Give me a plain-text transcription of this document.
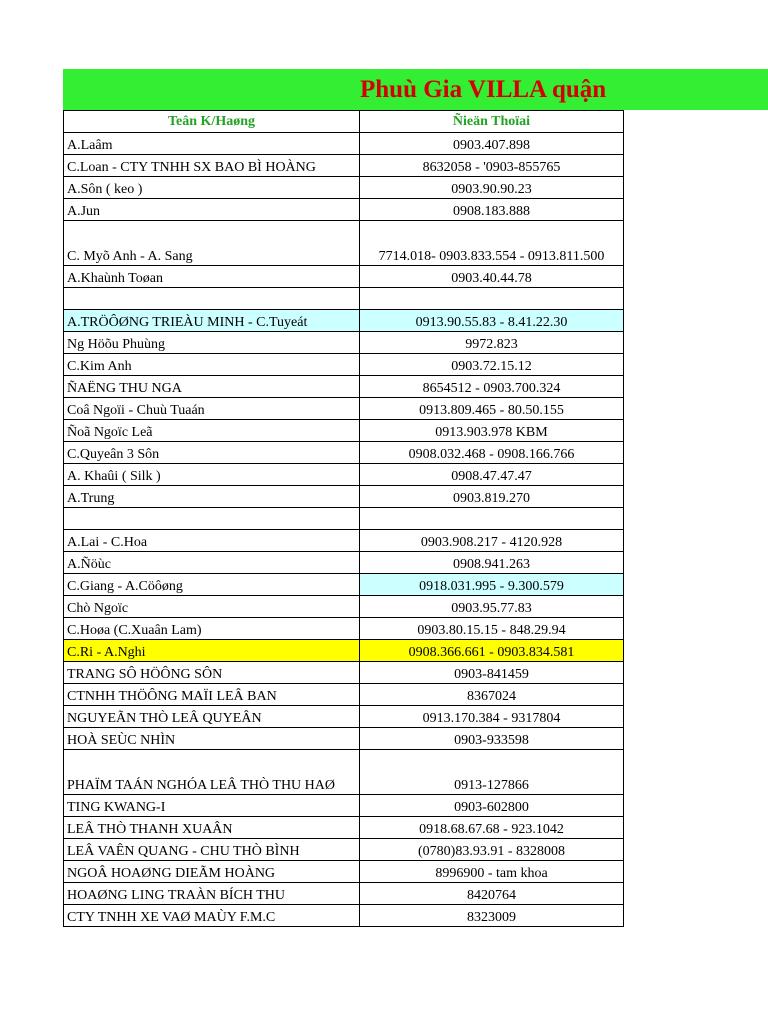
Phuù Gia VILLA quận
Teân K/Haøng	Ñieän Thoïai
A.Laâm	0903.407.898
C.Loan - CTY TNHH SX BAO BÌ HOÀNG	8632058 - '0903-855765
A.Sôn ( keo )	0903.90.90.23
A.Jun	0908.183.888
C. Myõ Anh - A. Sang	7714.018- 0903.833.554 - 0913.811.500
A.Khaùnh Toøan	0903.40.44.78

A.TRÖÔØNG TRIEÀU MINH - C.Tuyeát	0913.90.55.83 - 8.41.22.30
Ng Höõu Phuùng	9972.823
C.Kim Anh	0903.72.15.12
ÑAËNG THU NGA	8654512 - 0903.700.324
Coâ Ngoïi - Chuù Tuaán	0913.809.465 - 80.50.155
Ñoã Ngoïc Leã	0913.903.978 KBM
C.Quyeân 3 Sôn	0908.032.468 - 0908.166.766
A. Khaûi ( Silk )	0908.47.47.47
A.Trung	0903.819.270

A.Lai - C.Hoa	0903.908.217 - 4120.928
A.Ñöùc	0908.941.263
C.Giang - A.Cöôøng	0918.031.995 - 9.300.579
Chò Ngoïc	0903.95.77.83
C.Hoøa (C.Xuaân Lam)	0903.80.15.15 - 848.29.94
C.Ri - A.Nghi	0908.366.661 - 0903.834.581
TRANG SÔ HÖÔNG SÔN	0903-841459
CTNHH THÖÔNG MAÏI LEÂ BAN	8367024
NGUYEÃN THÒ LEÂ QUYEÂN	0913.170.384 - 9317804
HOÀ SEÙC NHÌN	0903-933598
PHAÏM TAÁN NGHÓA LEÂ THÒ THU HAØ	0913-127866
TING KWANG-I	0903-602800
LEÂ THÒ THANH XUAÂN	0918.68.67.68 - 923.1042
LEÂ VAÊN QUANG - CHU THÒ BÌNH	(0780)83.93.91 - 8328008
NGOÂ HOAØNG DIEÃM HOÀNG	8996900 - tam khoa
HOAØNG LING TRAÀN BÍCH THU	8420764
CTY TNHH XE VAØ MAÙY F.M.C	8323009
